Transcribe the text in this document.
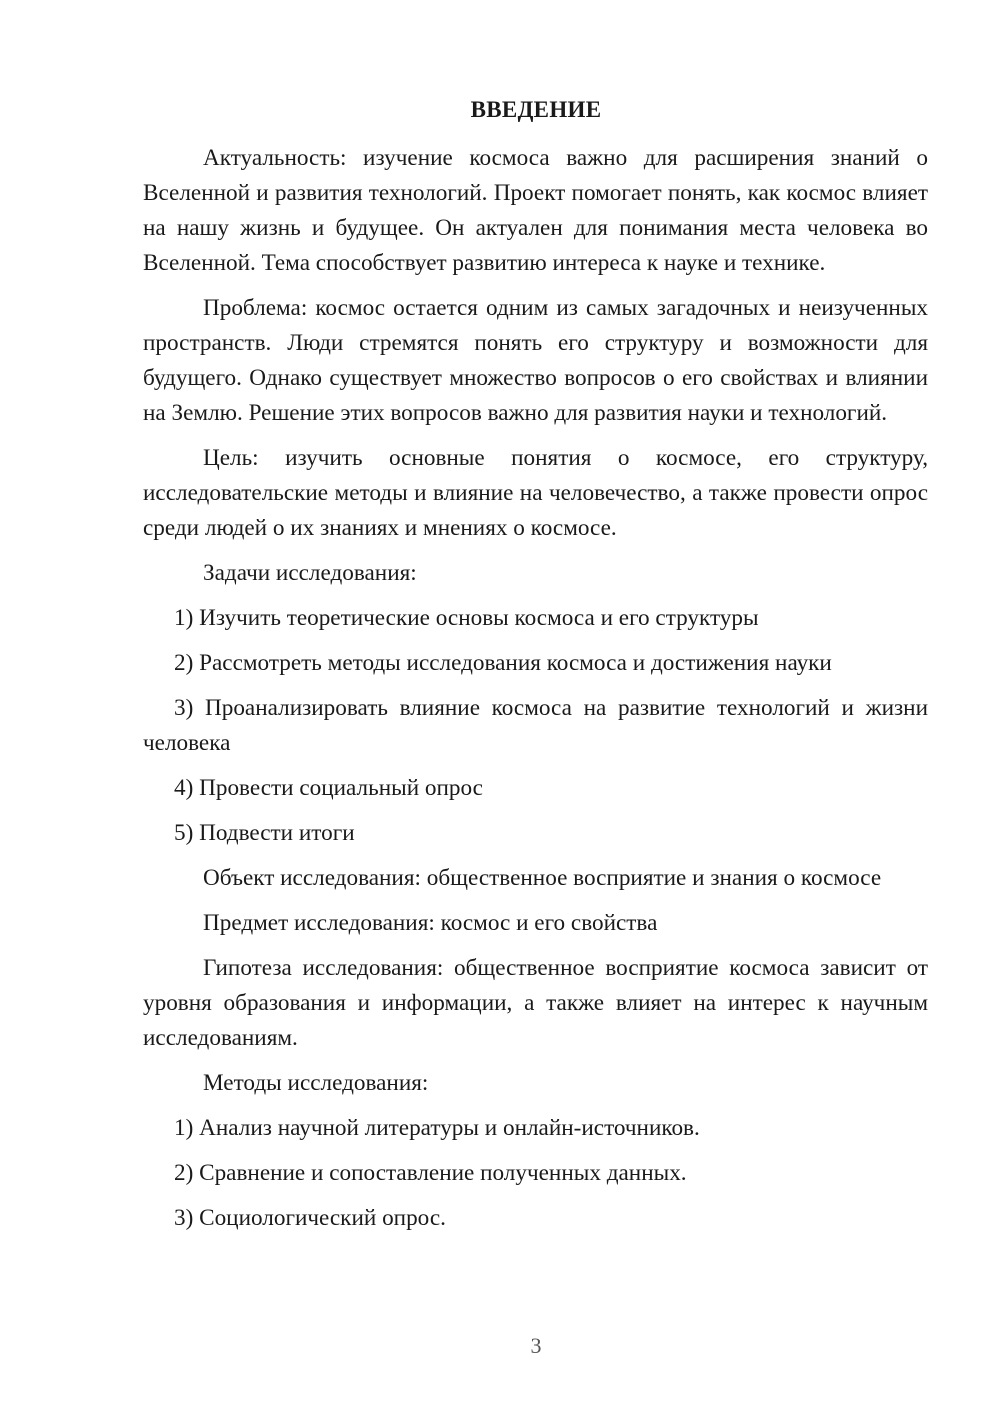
ВВЕДЕНИЕ

Актуальность: изучение космоса важно для расширения знаний о Вселенной и развития технологий. Проект помогает понять, как космос влияет на нашу жизнь и будущее. Он актуален для понимания места человека во Вселенной. Тема способствует развитию интереса к науке и технике.

Проблема: космос остается одним из самых загадочных и неизученных пространств. Люди стремятся понять его структуру и возможности для будущего. Однако существует множество вопросов о его свойствах и влиянии на Землю. Решение этих вопросов важно для развития науки и технологий.

Цель: изучить основные понятия о космосе, его структуру, исследовательские методы и влияние на человечество, а также провести опрос среди людей о их знаниях и мнениях о космосе.

Задачи исследования:

1) Изучить теоретические основы космоса и его структуры

2) Рассмотреть методы исследования космоса и достижения науки

3) Проанализировать влияние космоса на развитие технологий и жизни человека

4) Провести социальный опрос

5) Подвести итоги

Объект исследования: общественное восприятие и знания о космосе

Предмет исследования: космос и его свойства

Гипотеза исследования: общественное восприятие космоса зависит от уровня образования и информации, а также влияет на интерес к научным исследованиям.

Методы исследования:

1) Анализ научной литературы и онлайн-источников.

2) Сравнение и сопоставление полученных данных.

3) Социологический опрос.

3
